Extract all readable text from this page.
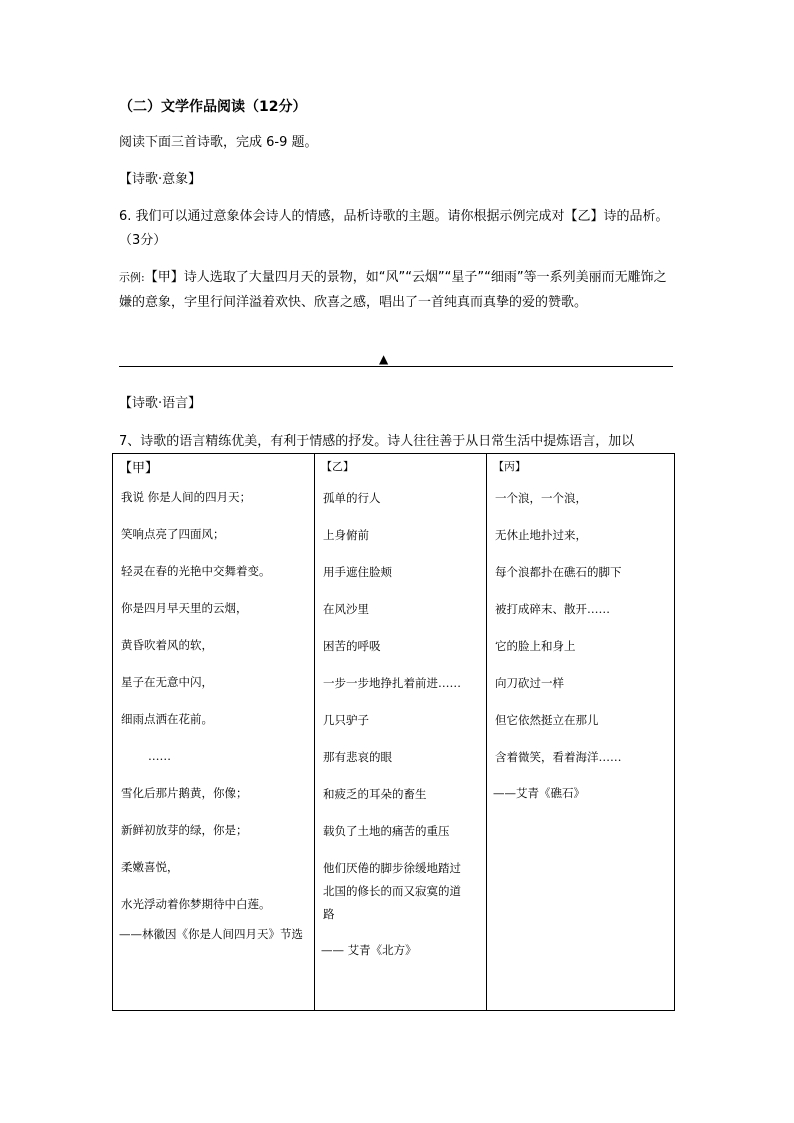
（二）文学作品阅读（12分）
阅读下面三首诗歌，完成 6-9 题。
【诗歌·意象】
6. 我们可以通过意象体会诗人的情感，品析诗歌的主题。请你根据示例完成对【乙】诗的品析。（3分）
示例:【甲】诗人选取了大量四月天的景物，如“风”“云烟”“星子”“细雨”等一系列美丽而无雕饰之嫌的意象，字里行间洋溢着欢快、欣喜之感，唱出了一首纯真而真挚的爱的赞歌。
▲
【诗歌·语言】
7、诗歌的语言精练优美，有利于情感的抒发。诗人往往善于从日常生活中提炼语言，加以
【甲】
我说 你是人间的四月天；
笑响点亮了四面风；
轻灵在春的光艳中交舞着变。
你是四月早天里的云烟，
黄昏吹着风的软，
星子在无意中闪，
细雨点洒在花前。
……
雪化后那片鹅黄，你像；
新鲜初放芽的绿，你是；
柔嫩喜悦，
水光浮动着你梦期待中白莲。
——林徽因《你是人间四月天》节选

【乙】
孤单的行人
上身俯前
用手遮住脸颊
在风沙里
困苦的呼吸
一步一步地挣扎着前进……
几只驴子
那有悲哀的眼
和疲乏的耳朵的畜生
载负了土地的痛苦的重压
他们厌倦的脚步徐缓地踏过北国的修长的而又寂寞的道路
—— 艾青《北方》

【丙】
一个浪，一个浪，
无休止地扑过来，
每个浪都扑在礁石的脚下
被打成碎末、散开……
它的脸上和身上
向刀砍过一样
但它依然挺立在那儿
含着微笑，看着海洋……
——艾青《礁石》
